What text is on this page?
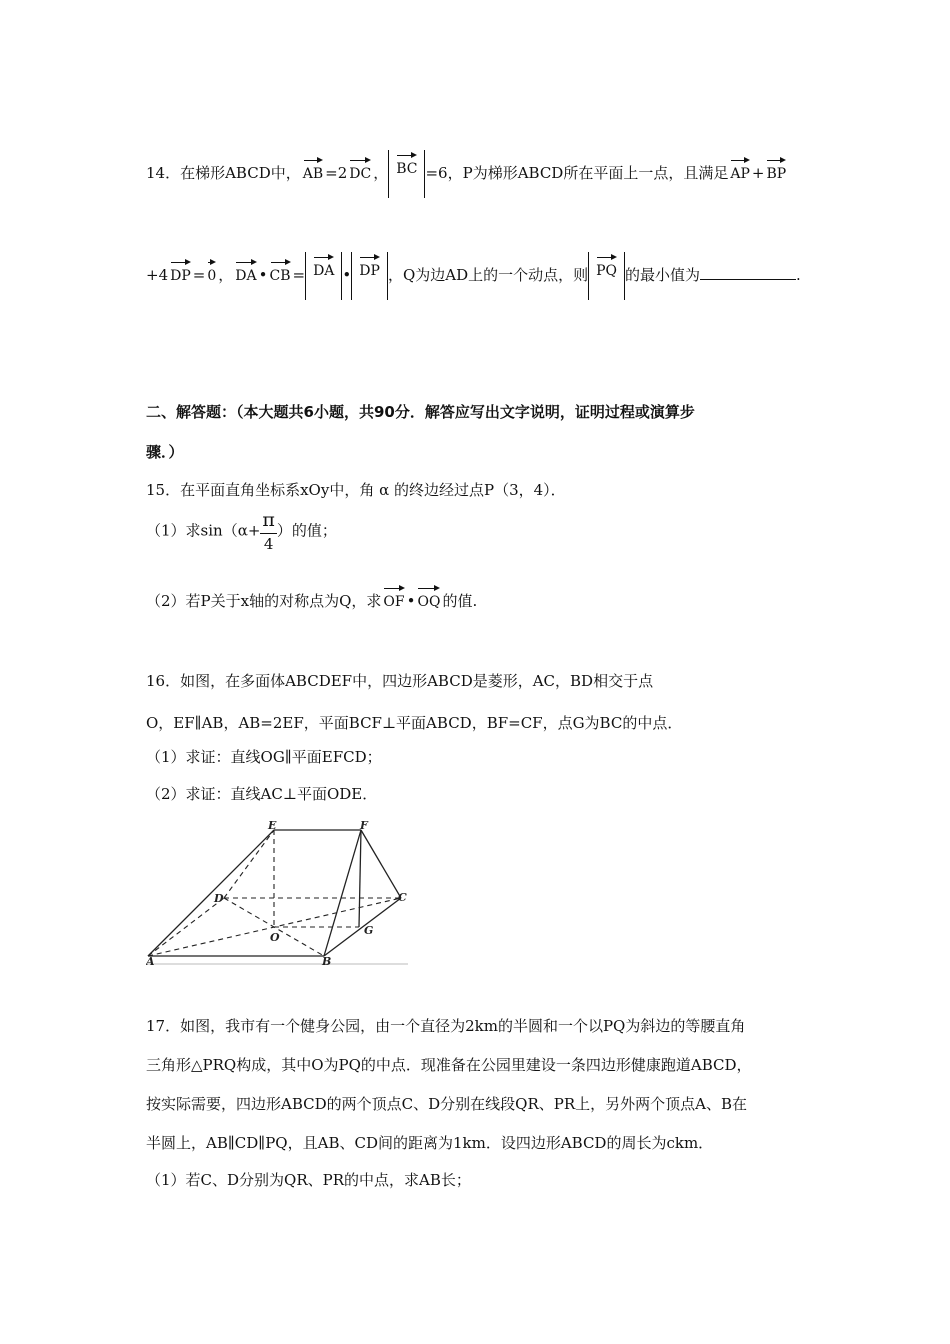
14．在梯形ABCD中， AB =2 DC ， BC =6，P为梯形ABCD所在平面上一点，且满足 AP + BP
+4 DP = 0 ， DA • CB = DA • DP ，Q为边AD上的一个动点，则 PQ 的最小值为	.
二、解答题：（本大题共6小题，共90分．解答应写出文字说明，证明过程或演算步
骤．）
15．在平面直角坐标系xOy中，角 α 的终边经过点P（3，4）．
（1）求$\sin(\alpha+ \frac{\pi}{4}$ ）的值；
（2）若P关于x轴的对称点为Q，求 OF • OQ 的值.
16．如图，在多面体ABCDEF中，四边形ABCD是菱形，AC，BD相交于点
O，EF∥AB，AB=2EF，平面BCF⊥平面ABCD，BF=CF，点G为BC的中点．
（1）求证：直线OG∥平面EFCD；
（2）求证：直线AC⊥平面ODE．
E	F
D	C
O
G
A	B
17．如图，我市有一个健身公园，由一个直径为2km的半圆和一个以PQ为斜边的等腰直角
三角形△PRQ构成，其中O为PQ的中点．现准备在公园里建设一条四边形健康跑道ABCD，
按实际需要，四边形ABCD的两个顶点C、D分别在线段QR、PR上，另外两个顶点A、B在
半圆上，AB∥CD∥PQ，且AB、CD间的距离为1km．设四边形ABCD的周长为ckm．
（1）若C、D分别为QR、PR的中点，求AB长；
